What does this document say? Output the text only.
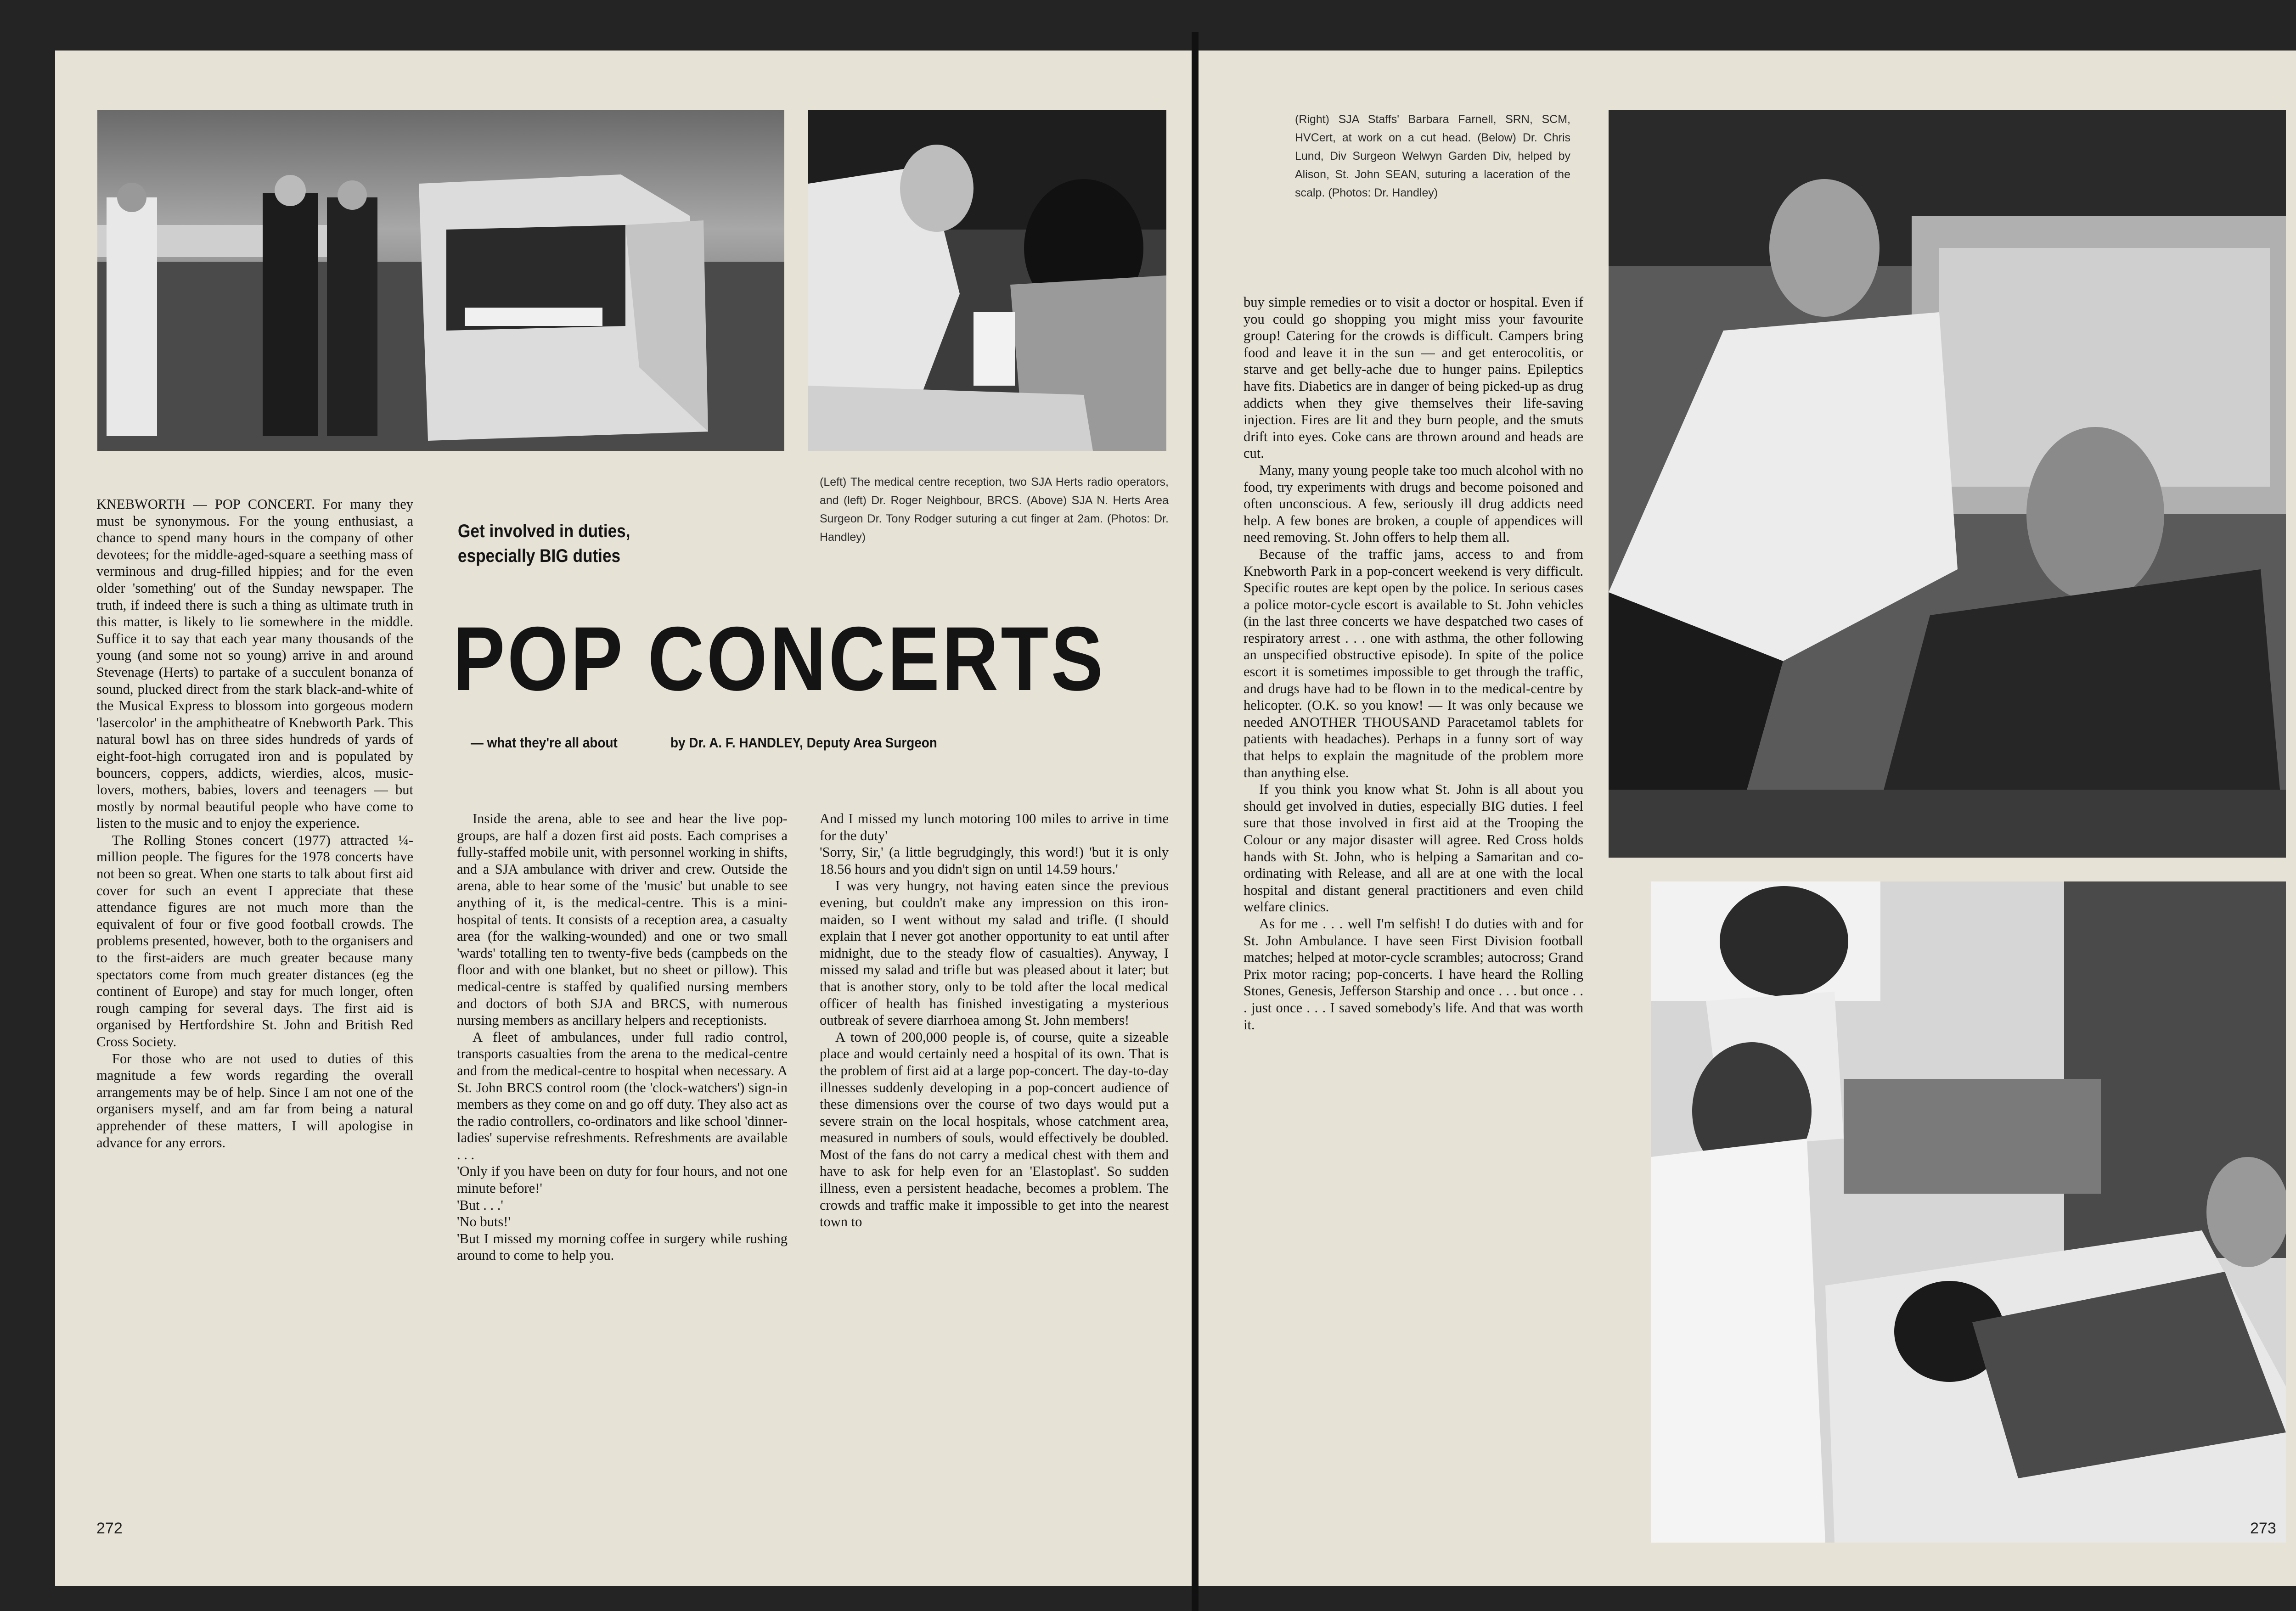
(Left) The medical centre reception, two SJA Herts radio operators, and (left) Dr. Roger Neighbour, BRCS. (Above) SJA N. Herts Area Surgeon Dr. Tony Rodger suturing a cut finger at 2am. (Photos: Dr. Handley)

Get involved in duties, especially BIG duties

POP CONCERTS

— what they're all about	by Dr. A. F. HANDLEY, Deputy Area Surgeon

KNEBWORTH — POP CONCERT. For many they must be synonymous. For the young enthusiast, a chance to spend many hours in the company of other devotees; for the middle-aged-square a seething mass of verminous and drug-filled hippies; and for the even older 'something' out of the Sunday newspaper. The truth, if indeed there is such a thing as ultimate truth in this matter, is likely to lie somewhere in the middle. Suffice it to say that each year many thousands of the young (and some not so young) arrive in and around Stevenage (Herts) to partake of a succulent bonanza of sound, plucked direct from the stark black-and-white of the Musical Express to blossom into gorgeous modern 'lasercolor' in the amphitheatre of Knebworth Park. This natural bowl has on three sides hundreds of yards of eight-foot-high corrugated iron and is populated by bouncers, coppers, addicts, wierdies, alcos, music-lovers, mothers, babies, lovers and teenagers — but mostly by normal beautiful people who have come to listen to the music and to enjoy the experience.

The Rolling Stones concert (1977) attracted ¼-million people. The figures for the 1978 concerts have not been so great. When one starts to talk about first aid cover for such an event I appreciate that these attendance figures are not much more than the equivalent of four or five good football crowds. The problems presented, however, both to the organisers and to the first-aiders are much greater because many spectators come from much greater distances (eg the continent of Europe) and stay for much longer, often rough camping for several days. The first aid is organised by Hertfordshire St. John and British Red Cross Society.

For those who are not used to duties of this magnitude a few words regarding the overall arrangements may be of help. Since I am not one of the organisers myself, and am far from being a natural apprehender of these matters, I will apologise in advance for any errors.

Inside the arena, able to see and hear the live pop-groups, are half a dozen first aid posts. Each comprises a fully-staffed mobile unit, with personnel working in shifts, and a SJA ambulance with driver and crew. Outside the arena, able to hear some of the 'music' but unable to see anything of it, is the medical-centre. This is a mini-hospital of tents. It consists of a reception area, a casualty area (for the walking-wounded) and one or two small 'wards' totalling ten to twenty-five beds (campbeds on the floor and with one blanket, but no sheet or pillow). This medical-centre is staffed by qualified nursing members and doctors of both SJA and BRCS, with numerous nursing members as ancillary helpers and receptionists.

A fleet of ambulances, under full radio control, transports casualties from the arena to the medical-centre and from the medical-centre to hospital when necessary. A St. John BRCS control room (the 'clock-watchers') sign-in members as they come on and go off duty. They also act as the radio controllers, co-ordinators and like school 'dinner-ladies' supervise refreshments. Refreshments are available . . .

'Only if you have been on duty for four hours, and not one minute before!'

'But . . .'

'No buts!'

'But I missed my morning coffee in surgery while rushing around to come to help you.

And I missed my lunch motoring 100 miles to arrive in time for the duty'

'Sorry, Sir,' (a little begrudgingly, this word!) 'but it is only 18.56 hours and you didn't sign on until 14.59 hours.'

I was very hungry, not having eaten since the previous evening, but couldn't make any impression on this iron-maiden, so I went without my salad and trifle. (I should explain that I never got another opportunity to eat until after midnight, due to the steady flow of casualties). Anyway, I missed my salad and trifle but was pleased about it later; but that is another story, only to be told after the local medical officer of health has finished investigating a mysterious outbreak of severe diarrhoea among St. John members!

A town of 200,000 people is, of course, quite a sizeable place and would certainly need a hospital of its own. That is the problem of first aid at a large pop-concert. The day-to-day illnesses suddenly developing in a pop-concert audience of these dimensions over the course of two days would put a severe strain on the local hospitals, whose catchment area, measured in numbers of souls, would effectively be doubled. Most of the fans do not carry a medical chest with them and have to ask for help even for an 'Elastoplast'. So sudden illness, even a persistent headache, becomes a problem. The crowds and traffic make it impossible to get into the nearest town to

272
(Right) SJA Staffs' Barbara Farnell, SRN, SCM, HVCert, at work on a cut head. (Below) Dr. Chris Lund, Div Surgeon Welwyn Garden Div, helped by Alison, St. John SEAN, suturing a laceration of the scalp. (Photos: Dr. Handley)

buy simple remedies or to visit a doctor or hospital. Even if you could go shopping you might miss your favourite group! Catering for the crowds is difficult. Campers bring food and leave it in the sun — and get enterocolitis, or starve and get belly-ache due to hunger pains. Epileptics have fits. Diabetics are in danger of being picked-up as drug addicts when they give themselves their life-saving injection. Fires are lit and they burn people, and the smuts drift into eyes. Coke cans are thrown around and heads are cut.

Many, many young people take too much alcohol with no food, try experiments with drugs and become poisoned and often unconscious. A few, seriously ill drug addicts need help. A few bones are broken, a couple of appendices will need removing. St. John offers to help them all.

Because of the traffic jams, access to and from Knebworth Park in a pop-concert weekend is very difficult. Specific routes are kept open by the police. In serious cases a police motor-cycle escort is available to St. John vehicles (in the last three concerts we have despatched two cases of respiratory arrest . . . one with asthma, the other following an unspecified obstructive episode). In spite of the police escort it is sometimes impossible to get through the traffic, and drugs have had to be flown in to the medical-centre by helicopter. (O.K. so you know! — It was only because we needed ANOTHER THOUSAND Paracetamol tablets for patients with headaches). Perhaps in a funny sort of way that helps to explain the magnitude of the problem more than anything else.

If you think you know what St. John is all about you should get involved in duties, especially BIG duties. I feel sure that those involved in first aid at the Trooping the Colour or any major disaster will agree. Red Cross holds hands with St. John, who is helping a Samaritan and co-ordinating with Release, and all are at one with the local hospital and distant general practitioners and even child welfare clinics.

As for me . . . well I'm selfish! I do duties with and for St. John Ambulance. I have seen First Division football matches; helped at motor-cycle scrambles; autocross; Grand Prix motor racing; pop-concerts. I have heard the Rolling Stones, Genesis, Jefferson Starship and once . . . but once . . . just once . . . I saved somebody's life. And that was worth it.

273
